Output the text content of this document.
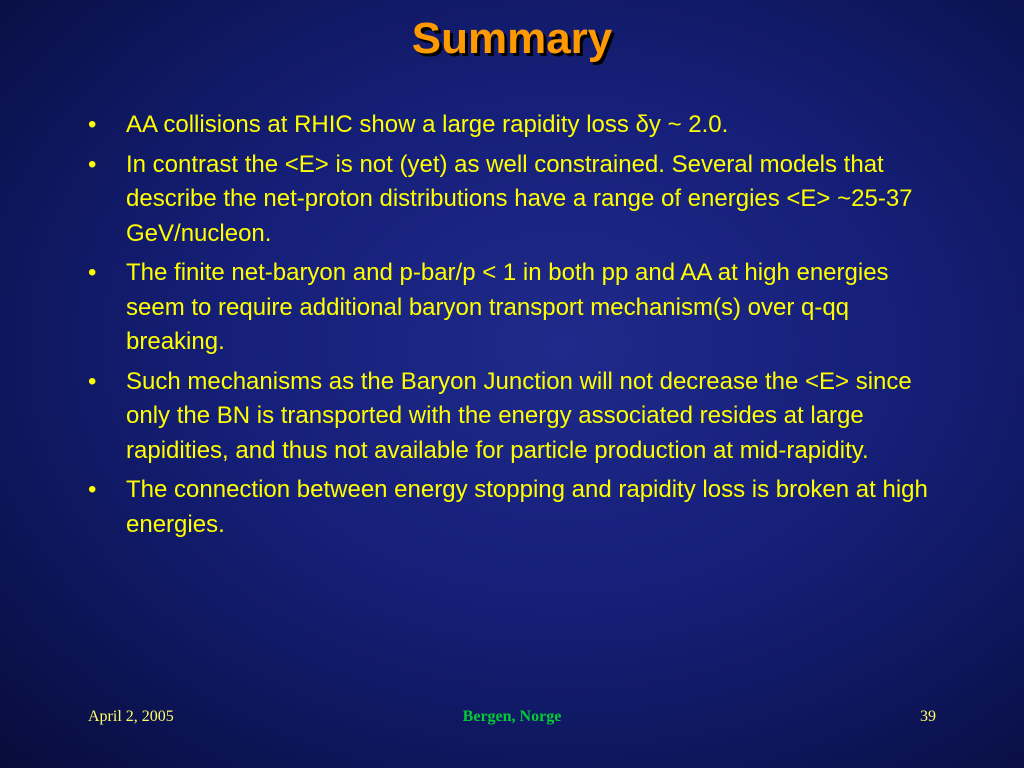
Summary
•	AA collisions at RHIC show a large rapidity loss δy ~ 2.0.
•	In contrast the <E> is not (yet) as well constrained. Several models that describe the net-proton distributions have a range of energies <E> ~25-37 GeV/nucleon.
•	The finite net-baryon and p-bar/p < 1 in both pp and AA at high energies seem to require additional baryon transport mechanism(s) over q-qq breaking.
•	Such mechanisms as the Baryon Junction will not decrease the <E> since only the BN is transported with the energy associated resides at large rapidities, and thus not available for particle production at mid-rapidity.
•	The connection between energy stopping and rapidity loss is broken at high energies.
April 2, 2005	Bergen, Norge	39
